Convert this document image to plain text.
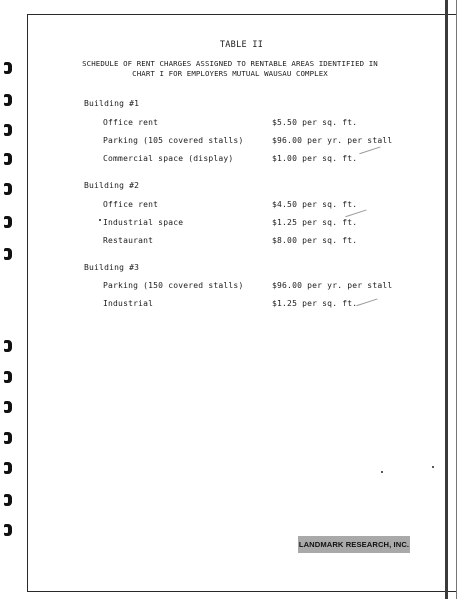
TABLE II
SCHEDULE OF RENT CHARGES ASSIGNED TO RENTABLE AREAS IDENTIFIED IN
CHART I FOR EMPLOYERS MUTUAL WAUSAU COMPLEX
Building #1
Office rent	$5.50 per sq. ft.
Parking (105 covered stalls)	$96.00 per yr. per stall
Commercial space (display)	$1.00 per sq. ft.
Building #2
Office rent	$4.50 per sq. ft.
Industrial space	$1.25 per sq. ft.
Restaurant	$8.00 per sq. ft.
Building #3
Parking (150 covered stalls)	$96.00 per yr. per stall
Industrial	$1.25 per sq. ft.
LANDMARK RESEARCH, INC.
